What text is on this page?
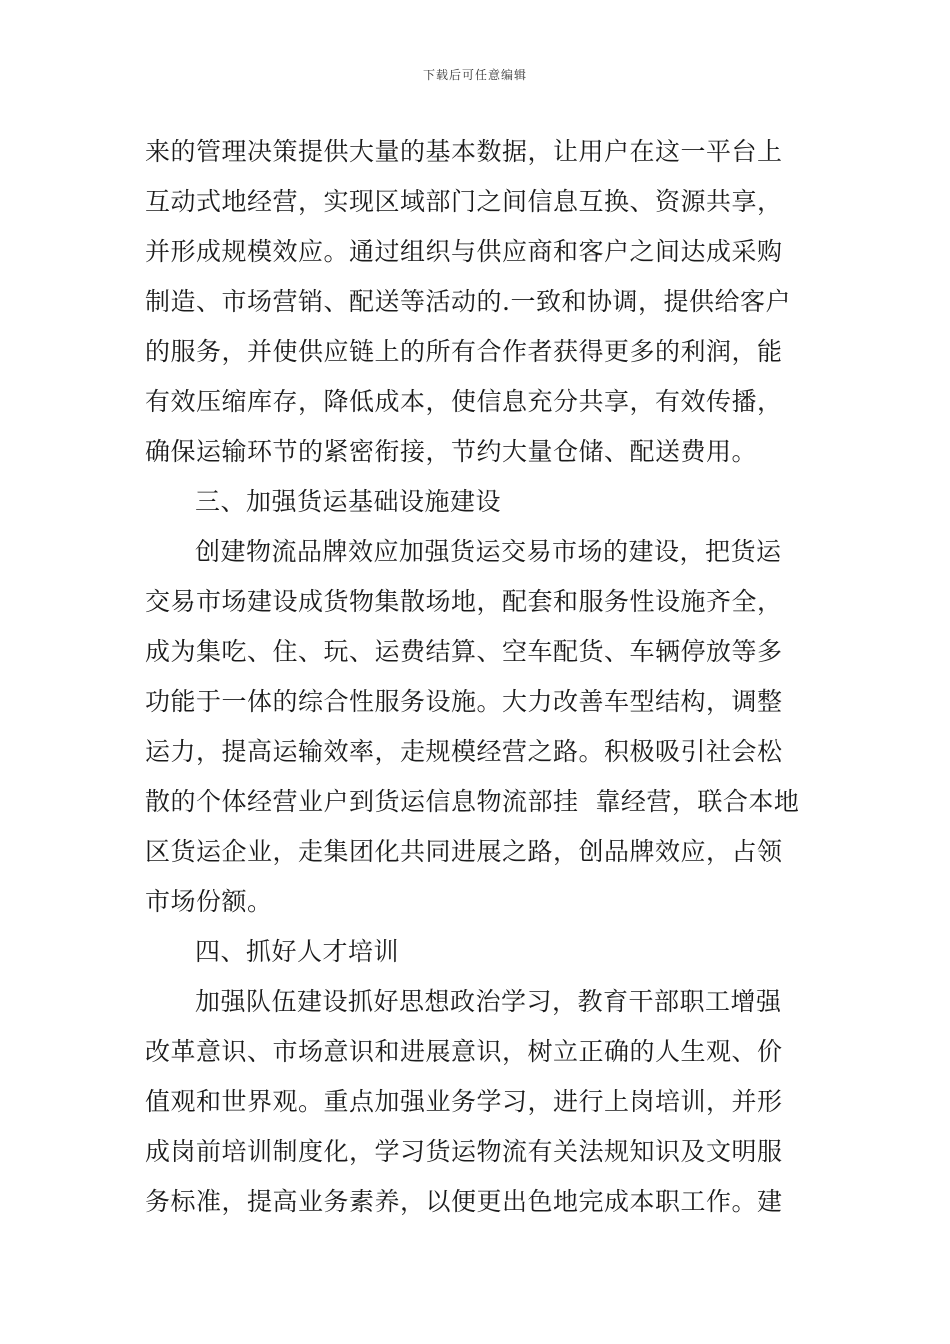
下载后可任意编辑
来的管理决策提供大量的基本数据，让用户在这一平台上
互动式地经营，实现区域部门之间信息互换、资源共享，
并形成规模效应。通过组织与供应商和客户之间达成采购
制造、市场营销、配送等活动的.一致和协调，提供给客户
的服务，并使供应链上的所有合作者获得更多的利润，能
有效压缩库存，降低成本，使信息充分共享，有效传播，
确保运输环节的紧密衔接，节约大量仓储、配送费用。
三、加强货运基础设施建设
创建物流品牌效应加强货运交易市场的建设，把货运
交易市场建设成货物集散场地，配套和服务性设施齐全，
成为集吃、住、玩、运费结算、空车配货、车辆停放等多
功能于一体的综合性服务设施。大力改善车型结构，调整
运力，提高运输效率，走规模经营之路。积极吸引社会松
散的个体经营业户到货运信息物流部挂  靠经营，联合本地
区货运企业，走集团化共同进展之路，创品牌效应，占领
市场份额。
四、抓好人才培训
加强队伍建设抓好思想政治学习，教育干部职工增强
改革意识、市场意识和进展意识，树立正确的人生观、价
值观和世界观。重点加强业务学习，进行上岗培训，并形
成岗前培训制度化，学习货运物流有关法规知识及文明服
务标准，提高业务素养，以便更出色地完成本职工作。建
